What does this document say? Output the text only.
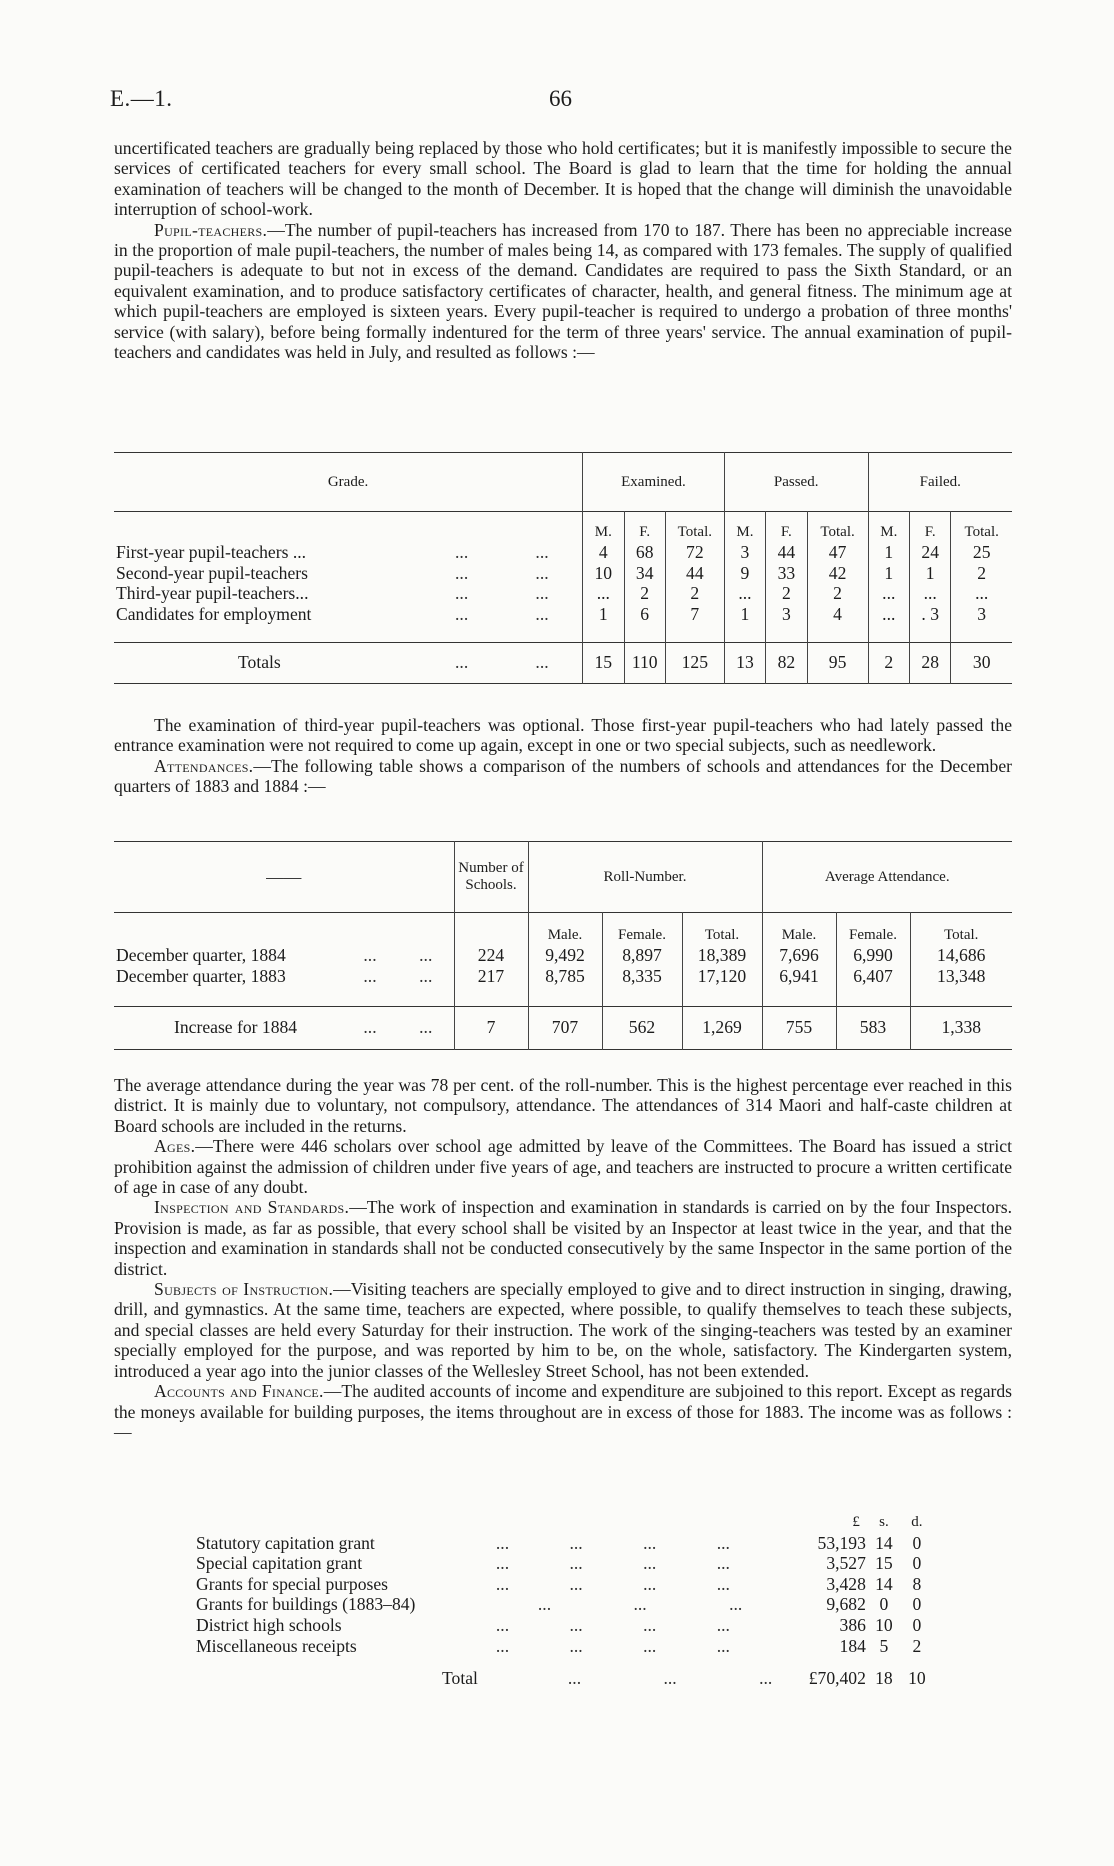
E.—1.	66

uncertificated teachers are gradually being replaced by those who hold certificates; but it is manifestly impossible to secure the services of certificated teachers for every small school. The Board is glad to learn that the time for holding the annual examination of teachers will be changed to the month of December. It is hoped that the change will diminish the unavoidable interruption of school-work.

Pupil-teachers.—The number of pupil-teachers has increased from 170 to 187. There has been no appreciable increase in the proportion of male pupil-teachers, the number of males being 14, as compared with 173 females. The supply of qualified pupil-teachers is adequate to but not in excess of the demand. Candidates are required to pass the Sixth Standard, or an equivalent examination, and to produce satisfactory certificates of character, health, and general fitness. The minimum age at which pupil-teachers are employed is sixteen years. Every pupil-teacher is required to undergo a probation of three months' service (with salary), before being formally indentured for the term of three years' service. The annual examination of pupil-teachers and candidates was held in July, and resulted as follows :—

Grade.			Examined.			Passed.			Failed.		
			M.	F.	Total.	M.	F.	Total.	M.	F.	Total.
First-year pupil-teachers ...	...	...	4	68	72	3	44	47	1	24	25
Second-year pupil-teachers	...	...	10	34	44	9	33	42	1	1	2
Third-year pupil-teachers...	...	...	...	2	2	...	2	2	...	...	...
Candidates for employment	...	...	1	6	7	1	3	4	...	. 3	3

Totals	...	...	15	110	125	13	82	95	2	28	30

The examination of third-year pupil-teachers was optional. Those first-year pupil-teachers who had lately passed the entrance examination were not required to come up again, except in one or two special subjects, such as needlework.

Attendances.—The following table shows a comparison of the numbers of schools and attendances for the December quarters of 1883 and 1884 :—

——			Number of Schools.	Roll-Number.			Average Attendance.		
				Male.	Female.	Total.	Male.	Female.	Total.
December quarter, 1884	...	...	224	9,492	8,897	18,389	7,696	6,990	14,686
December quarter, 1883	...	...	217	8,785	8,335	17,120	6,941	6,407	13,348

Increase for 1884	...	...	7	707	562	1,269	755	583	1,338

The average attendance during the year was 78 per cent. of the roll-number. This is the highest percentage ever reached in this district. It is mainly due to voluntary, not compulsory, attendance. The attendances of 314 Maori and half-caste children at Board schools are included in the returns.

Ages.—There were 446 scholars over school age admitted by leave of the Committees. The Board has issued a strict prohibition against the admission of children under five years of age, and teachers are instructed to procure a written certificate of age in case of any doubt.

Inspection and Standards.—The work of inspection and examination in standards is carried on by the four Inspectors. Provision is made, as far as possible, that every school shall be visited by an Inspector at least twice in the year, and that the inspection and examination in standards shall not be conducted consecutively by the same Inspector in the same portion of the district.

Subjects of Instruction.—Visiting teachers are specially employed to give and to direct instruction in singing, drawing, drill, and gymnastics. At the same time, teachers are expected, where possible, to qualify themselves to teach these subjects, and special classes are held every Saturday for their instruction. The work of the singing-teachers was tested by an examiner specially employed for the purpose, and was reported by him to be, on the whole, satisfactory. The Kindergarten system, introduced a year ago into the junior classes of the Wellesley Street School, has not been extended.

Accounts and Finance.—The audited accounts of income and expenditure are subjoined to this report. Except as regards the moneys available for building purposes, the items throughout are in excess of those for 1883. The income was as follows :—

		£	s.	d.
Statutory capitation grant	... ... ... ...	53,193	14	0
Special capitation grant	... ... ... ...	3,527	15	0
Grants for special purposes	... ... ... ...	3,428	14	8
Grants for buildings (1883–84)	... ... ...	9,682	0	0
District high schools	... ... ... ...	386	10	0
Miscellaneous receipts	... ... ... ...	184	5	2

Total	... ... ...	£70,402	18	10
